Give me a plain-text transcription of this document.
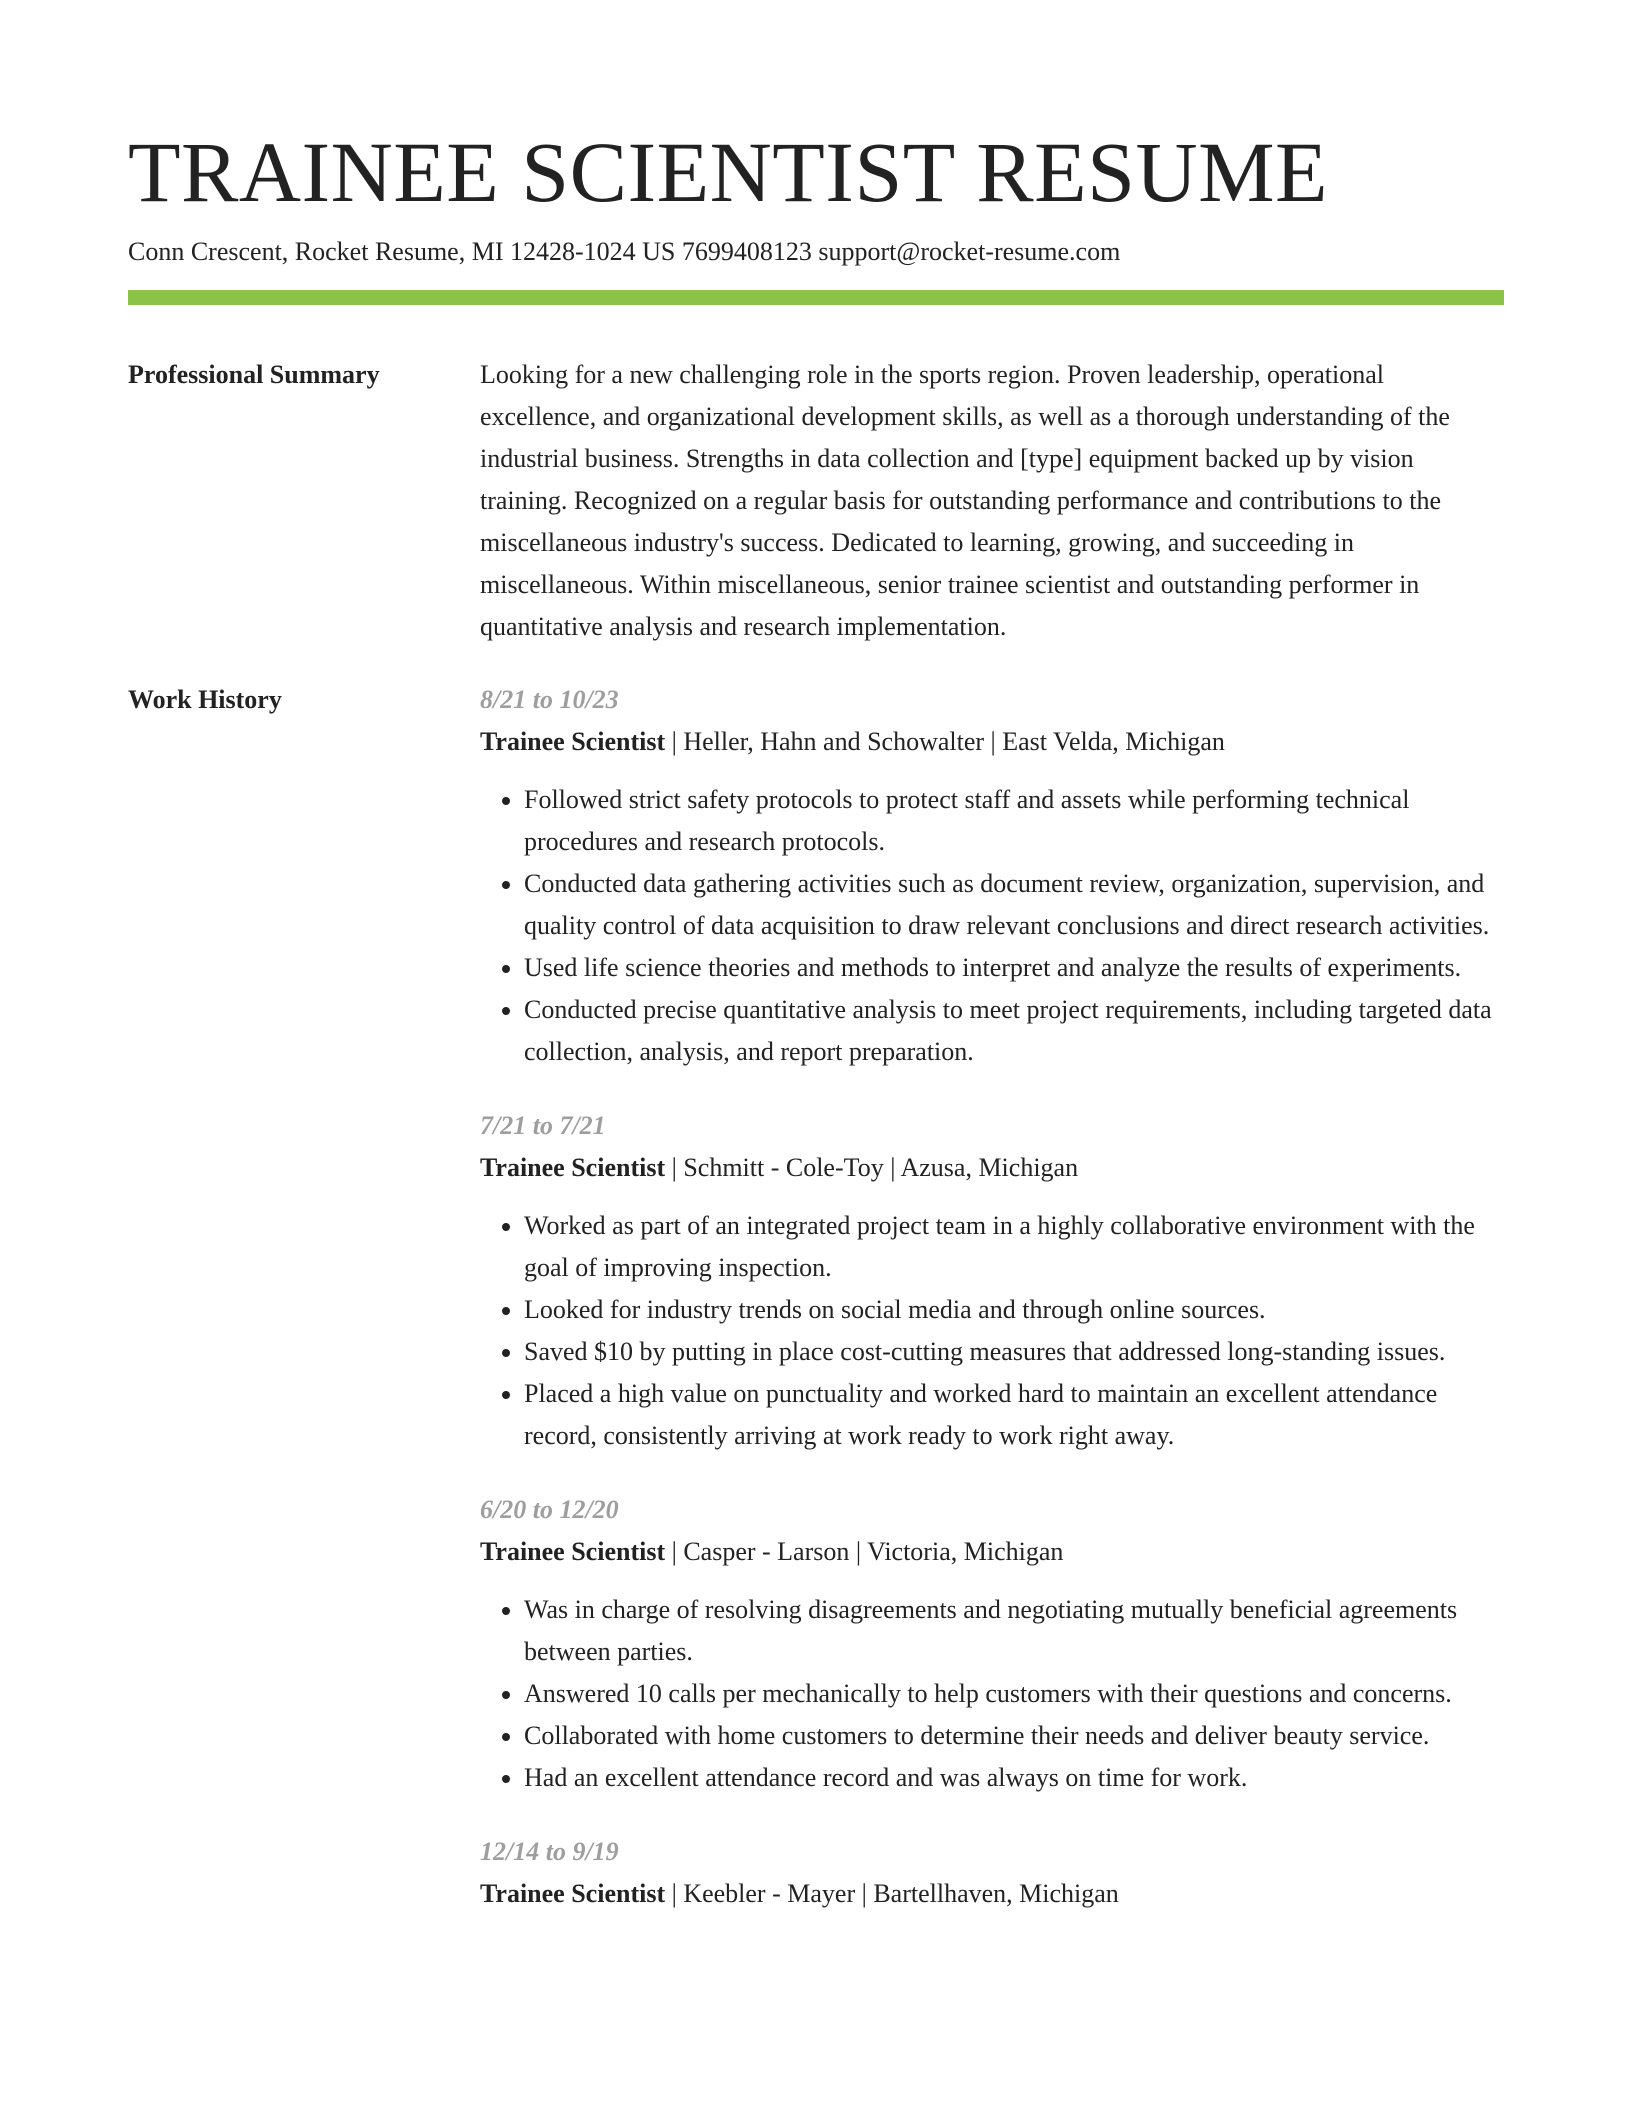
TRAINEE SCIENTIST RESUME
Conn Crescent, Rocket Resume, MI 12428-1024 US 7699408123 support@rocket-resume.com
Professional Summary	Looking for a new challenging role in the sports region. Proven leadership, operational excellence, and organizational development skills, as well as a thorough understanding of the industrial business. Strengths in data collection and [type] equipment backed up by vision training. Recognized on a regular basis for outstanding performance and contributions to the miscellaneous industry's success. Dedicated to learning, growing, and succeeding in miscellaneous. Within miscellaneous, senior trainee scientist and outstanding performer in quantitative analysis and research implementation.

Work History	8/21 to 10/23
Trainee Scientist | Heller, Hahn and Schowalter | East Velda, Michigan
• Followed strict safety protocols to protect staff and assets while performing technical procedures and research protocols.
• Conducted data gathering activities such as document review, organization, supervision, and quality control of data acquisition to draw relevant conclusions and direct research activities.
• Used life science theories and methods to interpret and analyze the results of experiments.
• Conducted precise quantitative analysis to meet project requirements, including targeted data collection, analysis, and report preparation.
7/21 to 7/21
Trainee Scientist | Schmitt - Cole-Toy | Azusa, Michigan
• Worked as part of an integrated project team in a highly collaborative environment with the goal of improving inspection.
• Looked for industry trends on social media and through online sources.
• Saved $10 by putting in place cost-cutting measures that addressed long-standing issues.
• Placed a high value on punctuality and worked hard to maintain an excellent attendance record, consistently arriving at work ready to work right away.
6/20 to 12/20
Trainee Scientist | Casper - Larson | Victoria, Michigan
• Was in charge of resolving disagreements and negotiating mutually beneficial agreements between parties.
• Answered 10 calls per mechanically to help customers with their questions and concerns.
• Collaborated with home customers to determine their needs and deliver beauty service.
• Had an excellent attendance record and was always on time for work.
12/14 to 9/19
Trainee Scientist | Keebler - Mayer | Bartellhaven, Michigan
